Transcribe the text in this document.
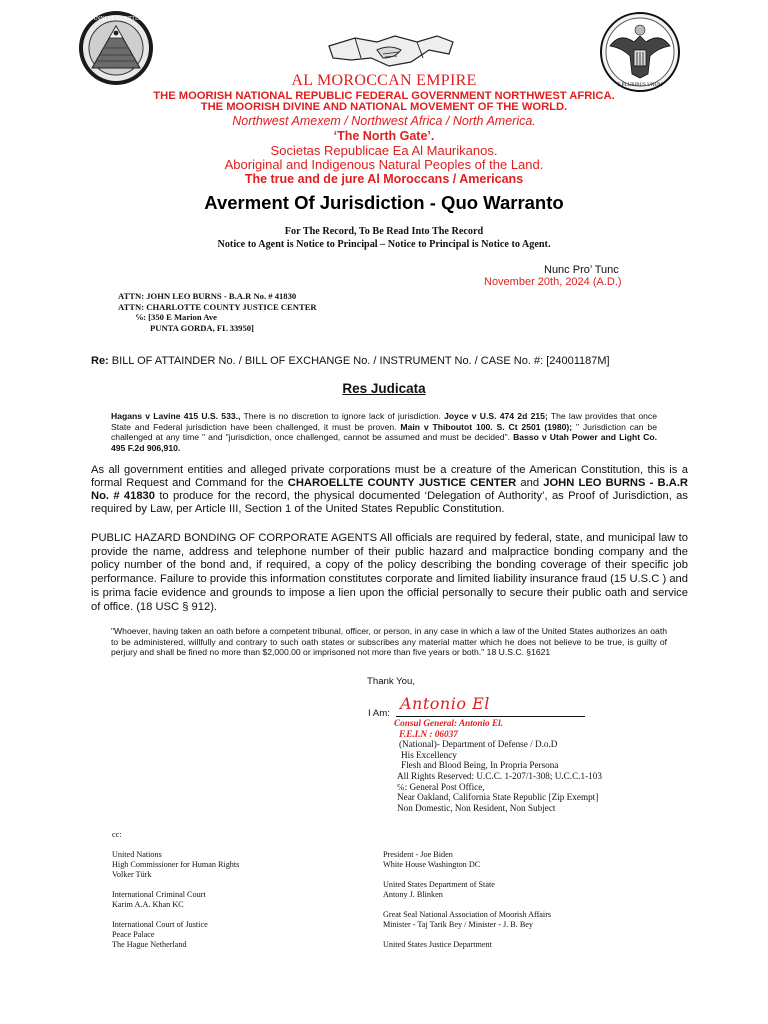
ANNUIT COEPTIS
E PLURIBUS UNUM
AL MOROCCAN EMPIRE
THE MOORISH NATIONAL REPUBLIC FEDERAL GOVERNMENT NORTHWEST AFRICA.
THE MOORISH DIVINE AND NATIONAL MOVEMENT OF THE WORLD.
Northwest Amexem / Northwest Africa / North America.
‘The North Gate’.
Societas Republicae Ea Al Maurikanos.
Aboriginal and Indigenous Natural Peoples of the Land.
The true and de jure Al Moroccans / Americans
Averment Of Jurisdiction - Quo Warranto
For The Record, To Be Read Into The Record
Notice to Agent is Notice to Principal – Notice to Principal is Notice to Agent.
Nunc Pro’ Tunc
November 20th, 2024 (A.D.)
ATTN: JOHN LEO BURNS - B.A.R No. # 41830
ATTN: CHARLOTTE COUNTY JUSTICE CENTER
℅: [350 E Marion Ave
PUNTA GORDA, FL 33950]
Re: BILL OF ATTAINDER No. / BILL OF EXCHANGE No. / INSTRUMENT No. / CASE No. #: [24001187M]
Res Judicata
Hagans v Lavine 415 U.S. 533., There is no discretion to ignore lack of jurisdiction. Joyce v U.S. 474 2d 215; The law provides that once State and Federal jurisdiction have been challenged, it must be proven. Main v Thiboutot 100. S. Ct 2501 (1980); " Jurisdiction can be challenged at any time " and "jurisdiction, once challenged, cannot be assumed and must be decided". Basso v Utah Power and Light Co. 495 F.2d 906,910.
As all government entities and alleged private corporations must be a creature of the American Constitution, this is a formal Request and Command for the CHAROELLTE COUNTY JUSTICE CENTER and JOHN LEO BURNS - B.A.R No. # 41830 to produce for the record, the physical documented ‘Delegation of Authority’, as Proof of Jurisdiction, as required by Law, per Article III, Section 1 of the United States Republic Constitution.
PUBLIC HAZARD BONDING OF CORPORATE AGENTS All officials are required by federal, state, and municipal law to provide the name, address and telephone number of their public hazard and malpractice bonding company and the policy number of the bond and, if required, a copy of the policy describing the bonding coverage of their specific job performance. Failure to provide this information constitutes corporate and limited liability insurance fraud (15 U.S.C ) and is prima facie evidence and grounds to impose a lien upon the official personally to secure their public oath and service of office. (18 USC § 912).
"Whoever, having taken an oath before a competent tribunal, officer, or person, in any case in which a law of the United States authorizes an oath to be administered, willfully and contrary to such oath states or subscribes any material matter which he does not believe to be true, is guilty of perjury and shall be fined no more than $2,000.00 or imprisoned not more than five years or both." 18 U.S.C. §1621
Thank You,
I Am:
Antonio El
Consul General: Antonio El.
F.E.I.N : 06037
(National)- Department of Defense / D.o.D
His Excellency
Flesh and Blood Being, In Propria Persona
All Rights Reserved: U.C.C. 1-207/1-308; U.C.C.1-103
℅: General Post Office,
Near Oakland, California State Republic [Zip Exempt]
Non Domestic, Non Resident, Non Subject
cc:
United Nations
High Commissioner for Human Rights
Volker Türk
International Criminal Court
Karim A.A. Khan KC
International Court of Justice
Peace Palace
The Hague Netherland
President - Joe Biden
White House Washington DC
United States Department of State
Antony J. Blinken
Great Seal National Association of Moorish Affairs
Minister - Taj Tarik Bey / Minister - J. B. Bey
United States Justice Department
